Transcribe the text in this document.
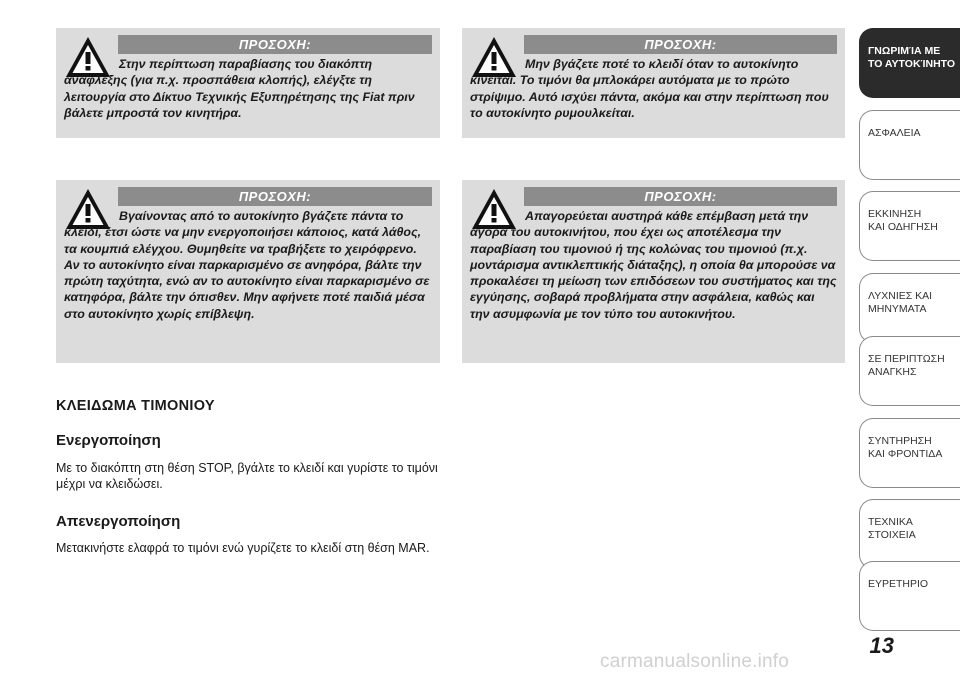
ΠΡΟΣΟΧΗ:
Στην περίπτωση παραβίασης του διακόπτη ανάφλεξης (για π.χ. προσπάθεια κλοπής), ελέγξτε τη λειτουργία στο Δίκτυο Τεχνικής Εξυπηρέτησης της Fiat πριν βάλετε μπροστά τον κινητήρα.
ΠΡΟΣΟΧΗ:
Μην βγάζετε ποτέ το κλειδί όταν το αυτοκίνητο κινείται. Το τιμόνι θα μπλοκάρει αυτόματα με το πρώτο στρίψιμο. Αυτό ισχύει πάντα, ακόμα και στην περίπτωση που το αυτοκίνητο ρυμουλκείται.
ΠΡΟΣΟΧΗ:
Βγαίνοντας από το αυτοκίνητο βγάζετε πάντα το κλειδί, έτσι ώστε να μην ενεργοποιήσει κάποιος, κατά λάθος, τα κουμπιά ελέγχου. Θυμηθείτε να τραβήξετε το χειρόφρενο. Αν το αυτοκίνητο είναι παρκαρισμένο σε ανηφόρα, βάλτε την πρώτη ταχύτητα, ενώ αν το αυτοκίνητο είναι παρκαρισμένο σε κατηφόρα, βάλτε την όπισθεν. Μην αφήνετε ποτέ παιδιά μέσα στο αυτοκίνητο χωρίς επίβλεψη.
ΠΡΟΣΟΧΗ:
Απαγορεύεται αυστηρά κάθε επέμβαση μετά την αγορά του αυτοκινήτου, που έχει ως αποτέλεσμα την παραβίαση του τιμονιού ή της κολώνας του τιμονιού (π.χ. μοντάρισμα αντικλεπτικής διάταξης), η οποία θα μπορούσε να προκαλέσει τη μείωση των επιδόσεων του συστήματος και της εγγύησης, σοβαρά προβλήματα στην ασφάλεια, καθώς και την ασυμφωνία με τον τύπο του αυτοκινήτου.
ΚΛΕΙΔΩΜΑ ΤΙΜΟΝΙΟΥ
Ενεργοποίηση
Με το διακόπτη στη θέση STOP, βγάλτε το κλειδί και γυρίστε το τιμόνι μέχρι να κλειδώσει.
Απενεργοποίηση
Μετακινήστε ελαφρά το τιμόνι ενώ γυρίζετε το κλειδί στη θέση MAR.
ΓΝΩΡΙΜΊΑ ΜΕ
ΤΟ ΑΥΤΟΚΊΝΗΤΟ
ΑΣΦΑΛΕΙΑ
ΕΚΚΙΝΗΣΗ
ΚΑΙ ΟΔΗΓΗΣΗ
ΛΥΧΝΙΕΣ ΚΑΙ
ΜΗΝΥΜΑΤΑ
ΣΕ ΠΕΡΙΠΤΩΣΗ
ΑΝΑΓΚΗΣ
ΣΥΝΤΗΡΗΣΗ
ΚΑΙ ΦΡΟΝΤΙΔΑ
ΤΕΧΝΙΚΑ
ΣΤΟΙΧΕΙΑ
ΕΥΡΕΤΗΡΙΟ
13
carmanualsonline.info
